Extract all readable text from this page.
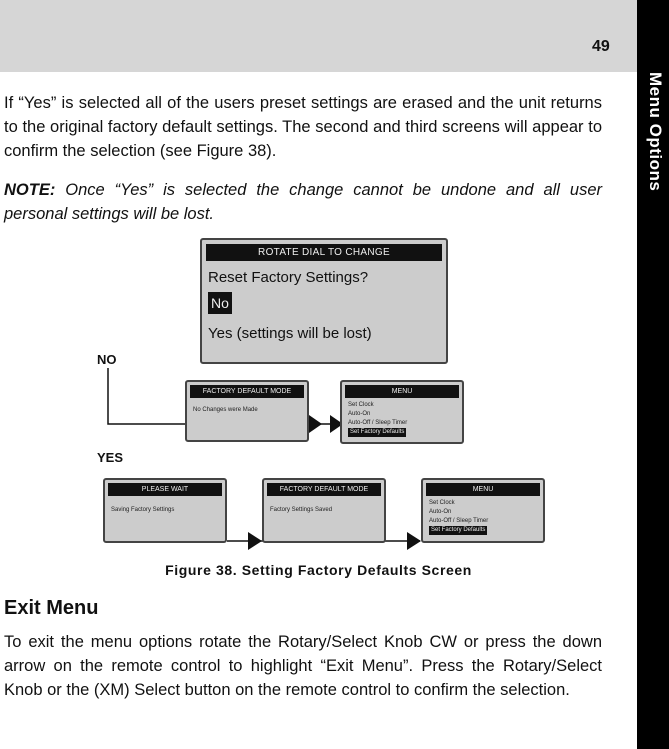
49
Menu Options

If “Yes” is selected all of the users preset settings are erased and the unit returns to the original factory default settings. The second and third screens will appear to confirm the selection (see Figure 38).

NOTE: Once “Yes” is selected the change cannot be undone and all user personal settings will be lost.

ROTATE DIAL TO CHANGE
Reset Factory Settings?
No
Yes (settings will be lost)
NO
YES
FACTORY DEFAULT MODE
No Changes were Made
MENU
Set Clock
Auto-On
Auto-Off / Sleep Timer
Set Factory Defaults
PLEASE WAIT
Saving Factory Settings
FACTORY DEFAULT MODE
Factory Settings Saved
MENU
Set Clock
Auto-On
Auto-Off / Sleep Timer
Set Factory Defaults
Figure 38. Setting Factory Defaults Screen
Exit Menu

To exit the menu options rotate the Rotary/Select Knob CW or press the down arrow on the remote control to highlight “Exit Menu”. Press the Rotary/Select Knob or the (XM) Select button on the remote control to confirm the selection.
